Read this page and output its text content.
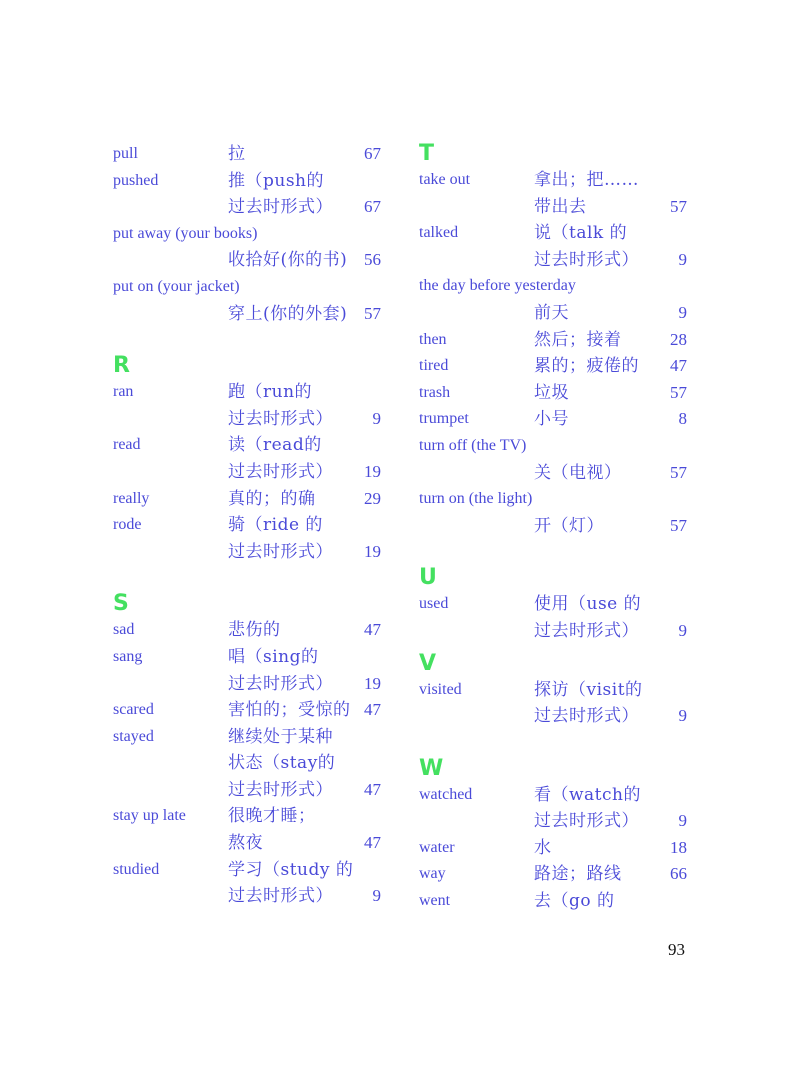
pull	拉	67
pushed	推（push的
过去时形式） 67
put away (your books)
收拾好(你的书) 56
put on (your jacket)
穿上(你的外套) 57
R
ran	跑（run的
过去时形式） 9
read	读（read的
过去时形式） 19
really	真的；的确	29
rode	骑（ride 的
过去时形式） 19
S
sad	悲伤的	47
sang	唱（sing的
过去时形式） 19
scared	害怕的；受惊的 47
stayed	继续处于某种
状态（stay的
过去时形式） 47
stay up late 很晚才睡；
熬夜	47
studied	学习（study 的
过去时形式） 9
T
take out	拿出；把……
带出去	57
talked	说（talk 的
过去时形式） 9
the day before yesterday
前天	9
then	然后；接着	28
tired	累的；疲倦的 47
trash	垃圾	57
trumpet	小号	8
turn off (the TV)
关（电视）	57
turn on (the light)
开（灯）	57
U
used	使用（use 的
过去时形式） 9
V
visited	探访（visit的
过去时形式） 9
W
watched	看（watch的
过去时形式） 9
water	水	18
way	路途；路线	66
went	去（go 的
93
